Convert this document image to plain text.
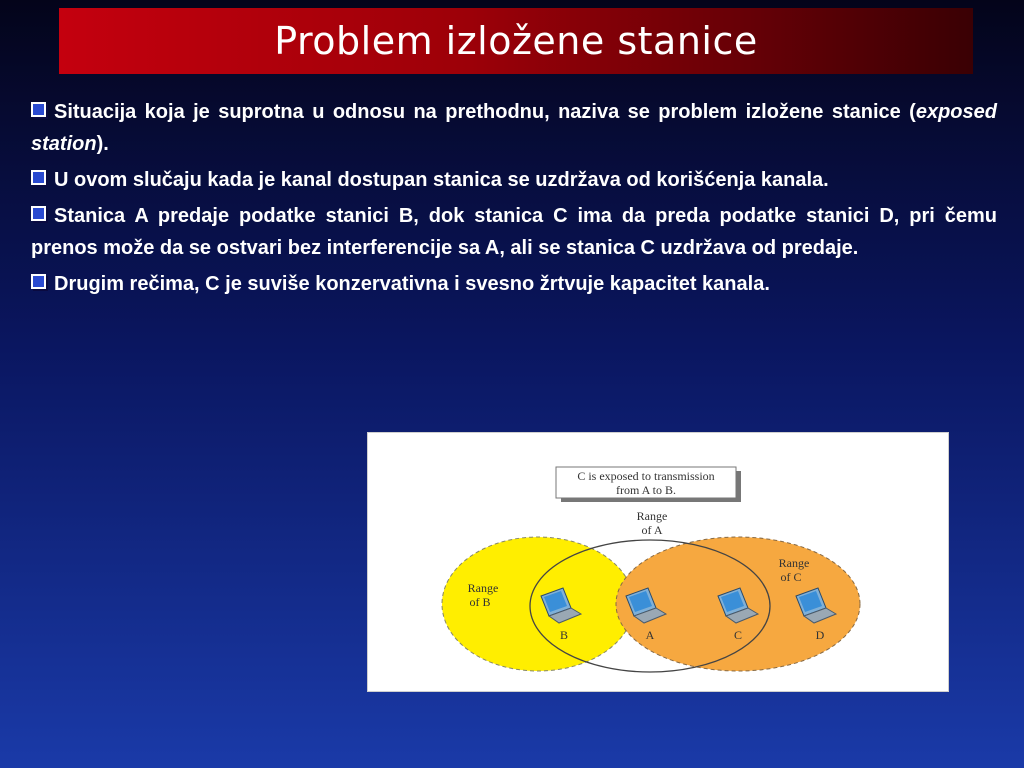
Problem izložene stanice
Situacija koja je suprotna u odnosu na prethodnu, naziva se problem izložene stanice (exposed station).
U ovom slučaju kada je kanal dostupan stanica se uzdržava od korišćenja kanala.
Stanica A predaje podatke stanici B, dok stanica C ima da preda podatke stanici D, pri čemu prenos može da se ostvari bez interferencije sa A, ali se stanica C uzdržava od predaje.
Drugim rečima, C je suviše konzervativna i svesno žrtvuje kapacitet kanala.
C is exposed to transmission
from A to B.
Range
of A
Range
of B
Range
of C
B	A	C	D
